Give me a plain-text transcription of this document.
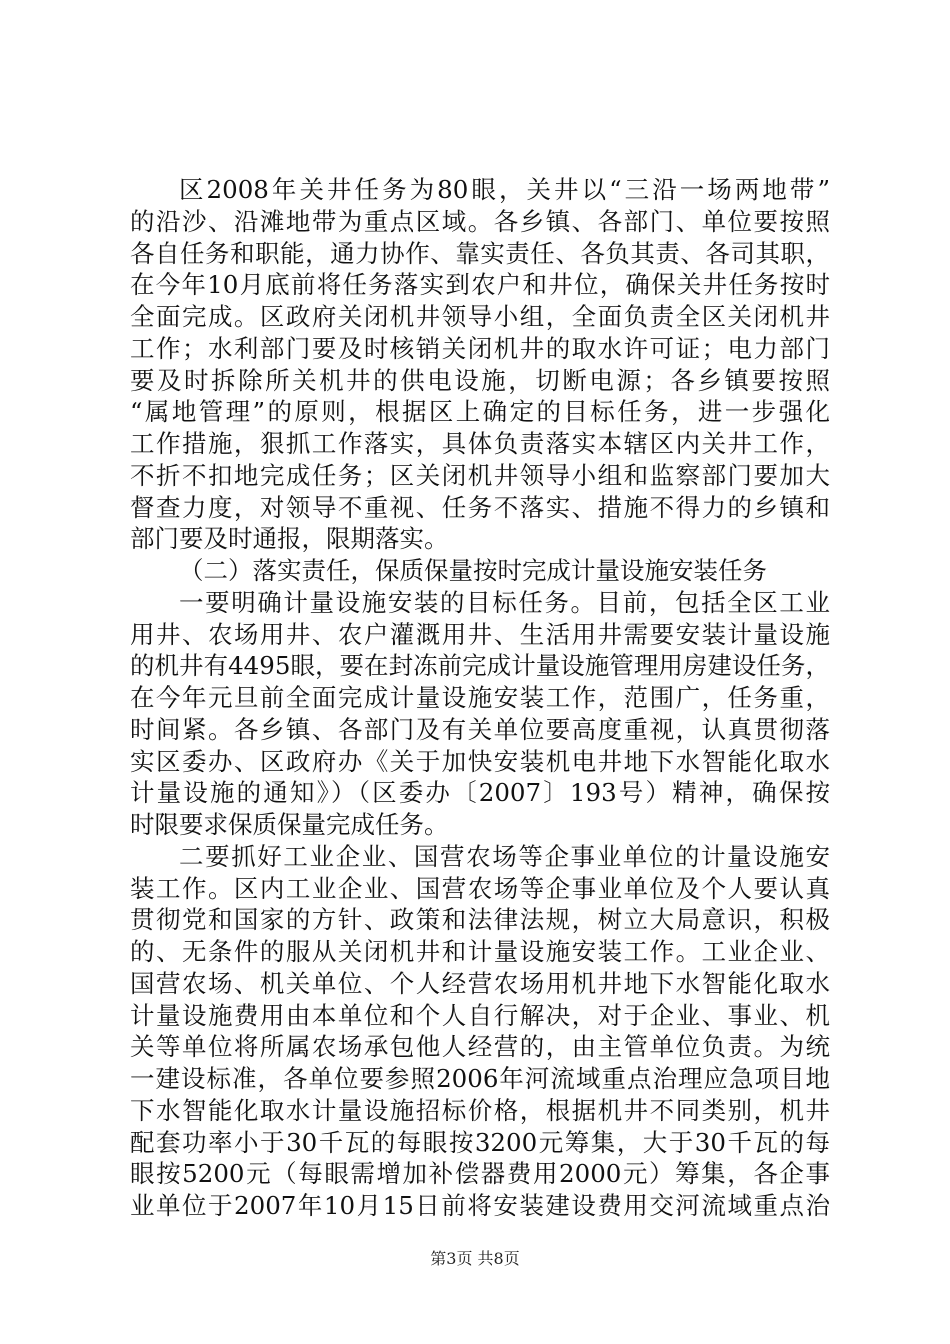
区2008年关井任务为80眼，关井以“三沿一场两地带”
的沿沙、沿滩地带为重点区域。各乡镇、各部门、单位要按照
各自任务和职能，通力协作、靠实责任、各负其责、各司其职，
在今年10月底前将任务落实到农户和井位，确保关井任务按时
全面完成。区政府关闭机井领导小组，全面负责全区关闭机井
工作；水利部门要及时核销关闭机井的取水许可证；电力部门
要及时拆除所关机井的供电设施，切断电源；各乡镇要按照
“属地管理”的原则，根据区上确定的目标任务，进一步强化
工作措施，狠抓工作落实，具体负责落实本辖区内关井工作，
不折不扣地完成任务；区关闭机井领导小组和监察部门要加大
督查力度，对领导不重视、任务不落实、措施不得力的乡镇和
部门要及时通报，限期落实。
（二）落实责任，保质保量按时完成计量设施安装任务
一要明确计量设施安装的目标任务。目前，包括全区工业
用井、农场用井、农户灌溉用井、生活用井需要安装计量设施
的机井有4495眼，要在封冻前完成计量设施管理用房建设任务，
在今年元旦前全面完成计量设施安装工作，范围广，任务重，
时间紧。各乡镇、各部门及有关单位要高度重视，认真贯彻落
实区委办、区政府办《关于加快安装机电井地下水智能化取水
计量设施的通知》）（区委办〔2007〕193号）精神，确保按
时限要求保质保量完成任务。
二要抓好工业企业、国营农场等企事业单位的计量设施安
装工作。区内工业企业、国营农场等企事业单位及个人要认真
贯彻党和国家的方针、政策和法律法规，树立大局意识，积极
的、无条件的服从关闭机井和计量设施安装工作。工业企业、
国营农场、机关单位、个人经营农场用机井地下水智能化取水
计量设施费用由本单位和个人自行解决，对于企业、事业、机
关等单位将所属农场承包他人经营的，由主管单位负责。为统
一建设标准，各单位要参照2006年河流域重点治理应急项目地
下水智能化取水计量设施招标价格，根据机井不同类别，机井
配套功率小于30千瓦的每眼按3200元筹集，大于30千瓦的每
眼按5200元（每眼需增加补偿器费用2000元）筹集，各企事
业单位于2007年10月15日前将安装建设费用交河流域重点治
第3页 共8页
